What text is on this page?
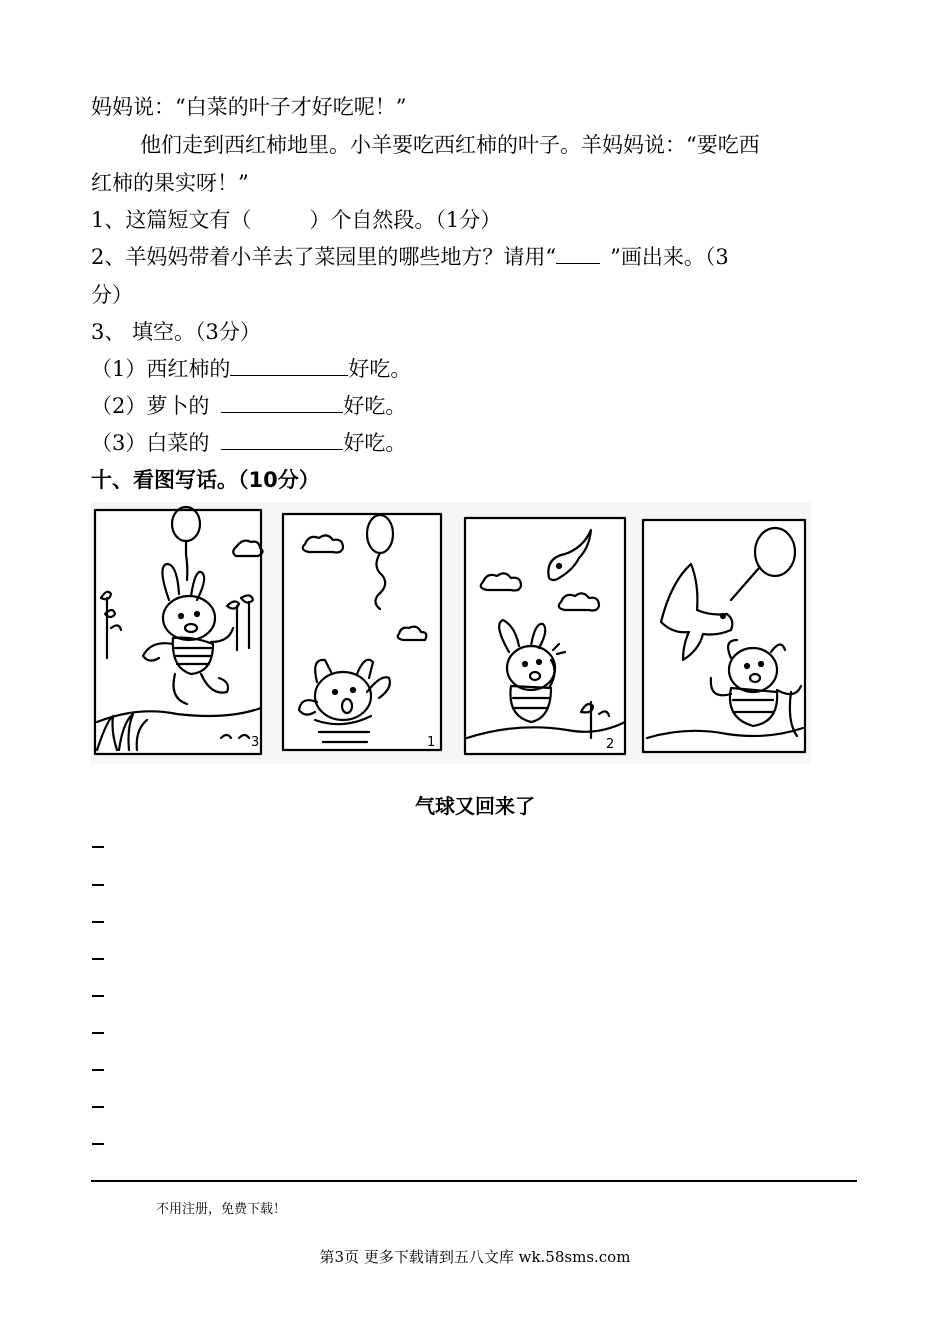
妈妈说：“白菜的叶子才好吃呢！”
他们走到西红柿地里。小羊要吃西红柿的叶子。羊妈妈说：“要吃西
红柿的果实呀！”
1、这篇短文有（	）个自然段。（1分）
2、羊妈妈带着小羊去了菜园里的哪些地方？请用“	”画出来。（3
分）
3、 填空。（3分）
（1）西红柿的	好吃。
（2）萝卜的	好吃。
（3）白菜的	好吃。
十、看图写话。（10分）
1	2
3
气球又回来了
不用注册，免费下载！
第3页 更多下载请到五八文库 wk.58sms.com
